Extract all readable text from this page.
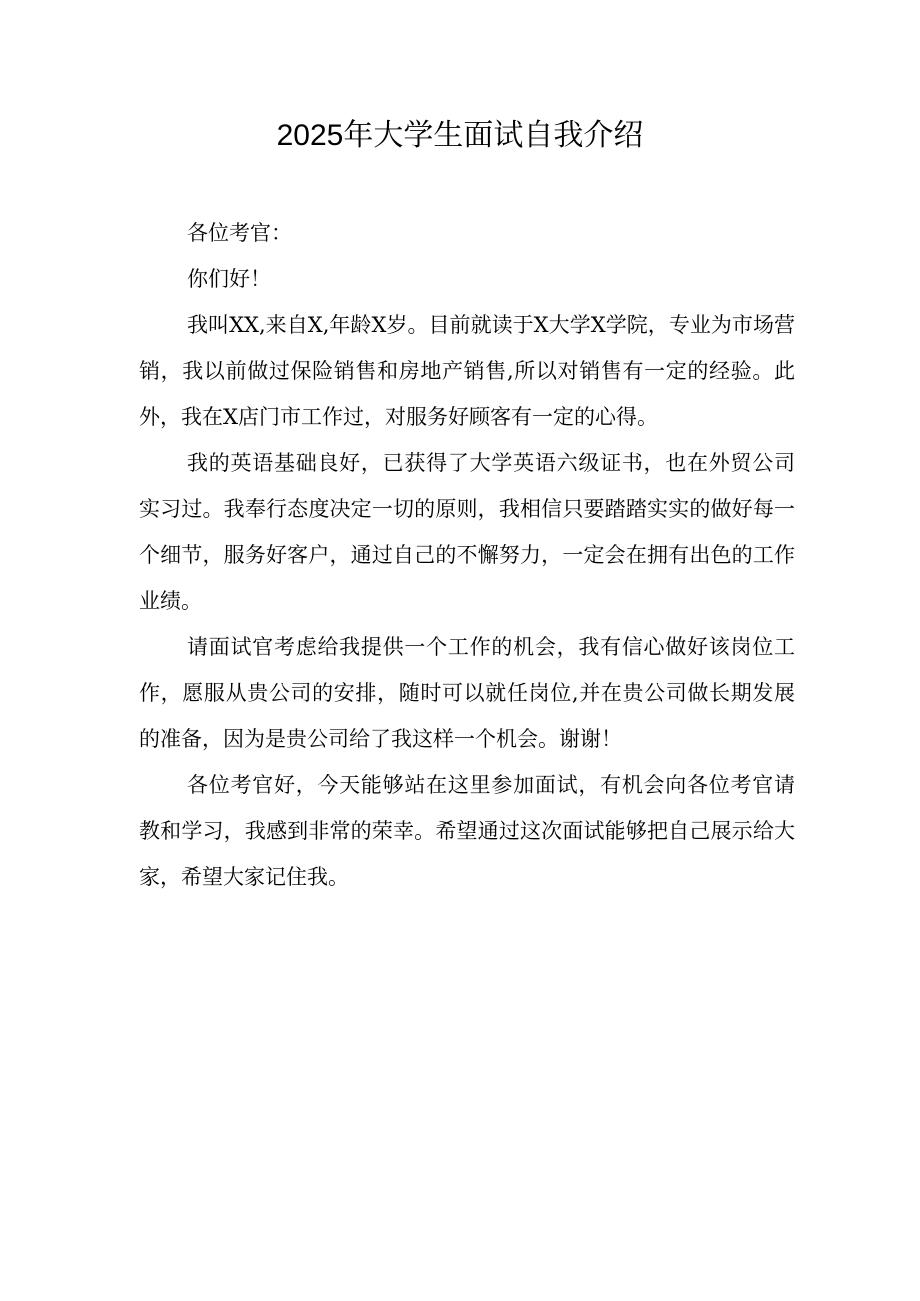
2025年大学生面试自我介绍

各位考官：

你们好！

我叫XX,来自X,年龄X岁。目前就读于X大学X学院，专业为市场营销，我以前做过保险销售和房地产销售,所以对销售有一定的经验。此外，我在X店门市工作过，对服务好顾客有一定的心得。

我的英语基础良好，已获得了大学英语六级证书，也在外贸公司实习过。我奉行态度决定一切的原则，我相信只要踏踏实实的做好每一个细节，服务好客户，通过自己的不懈努力，一定会在拥有出色的工作业绩。

请面试官考虑给我提供一个工作的机会，我有信心做好该岗位工作，愿服从贵公司的安排，随时可以就任岗位,并在贵公司做长期发展的准备，因为是贵公司给了我这样一个机会。谢谢！

各位考官好，今天能够站在这里参加面试，有机会向各位考官请教和学习，我感到非常的荣幸。希望通过这次面试能够把自己展示给大家，希望大家记住我。
